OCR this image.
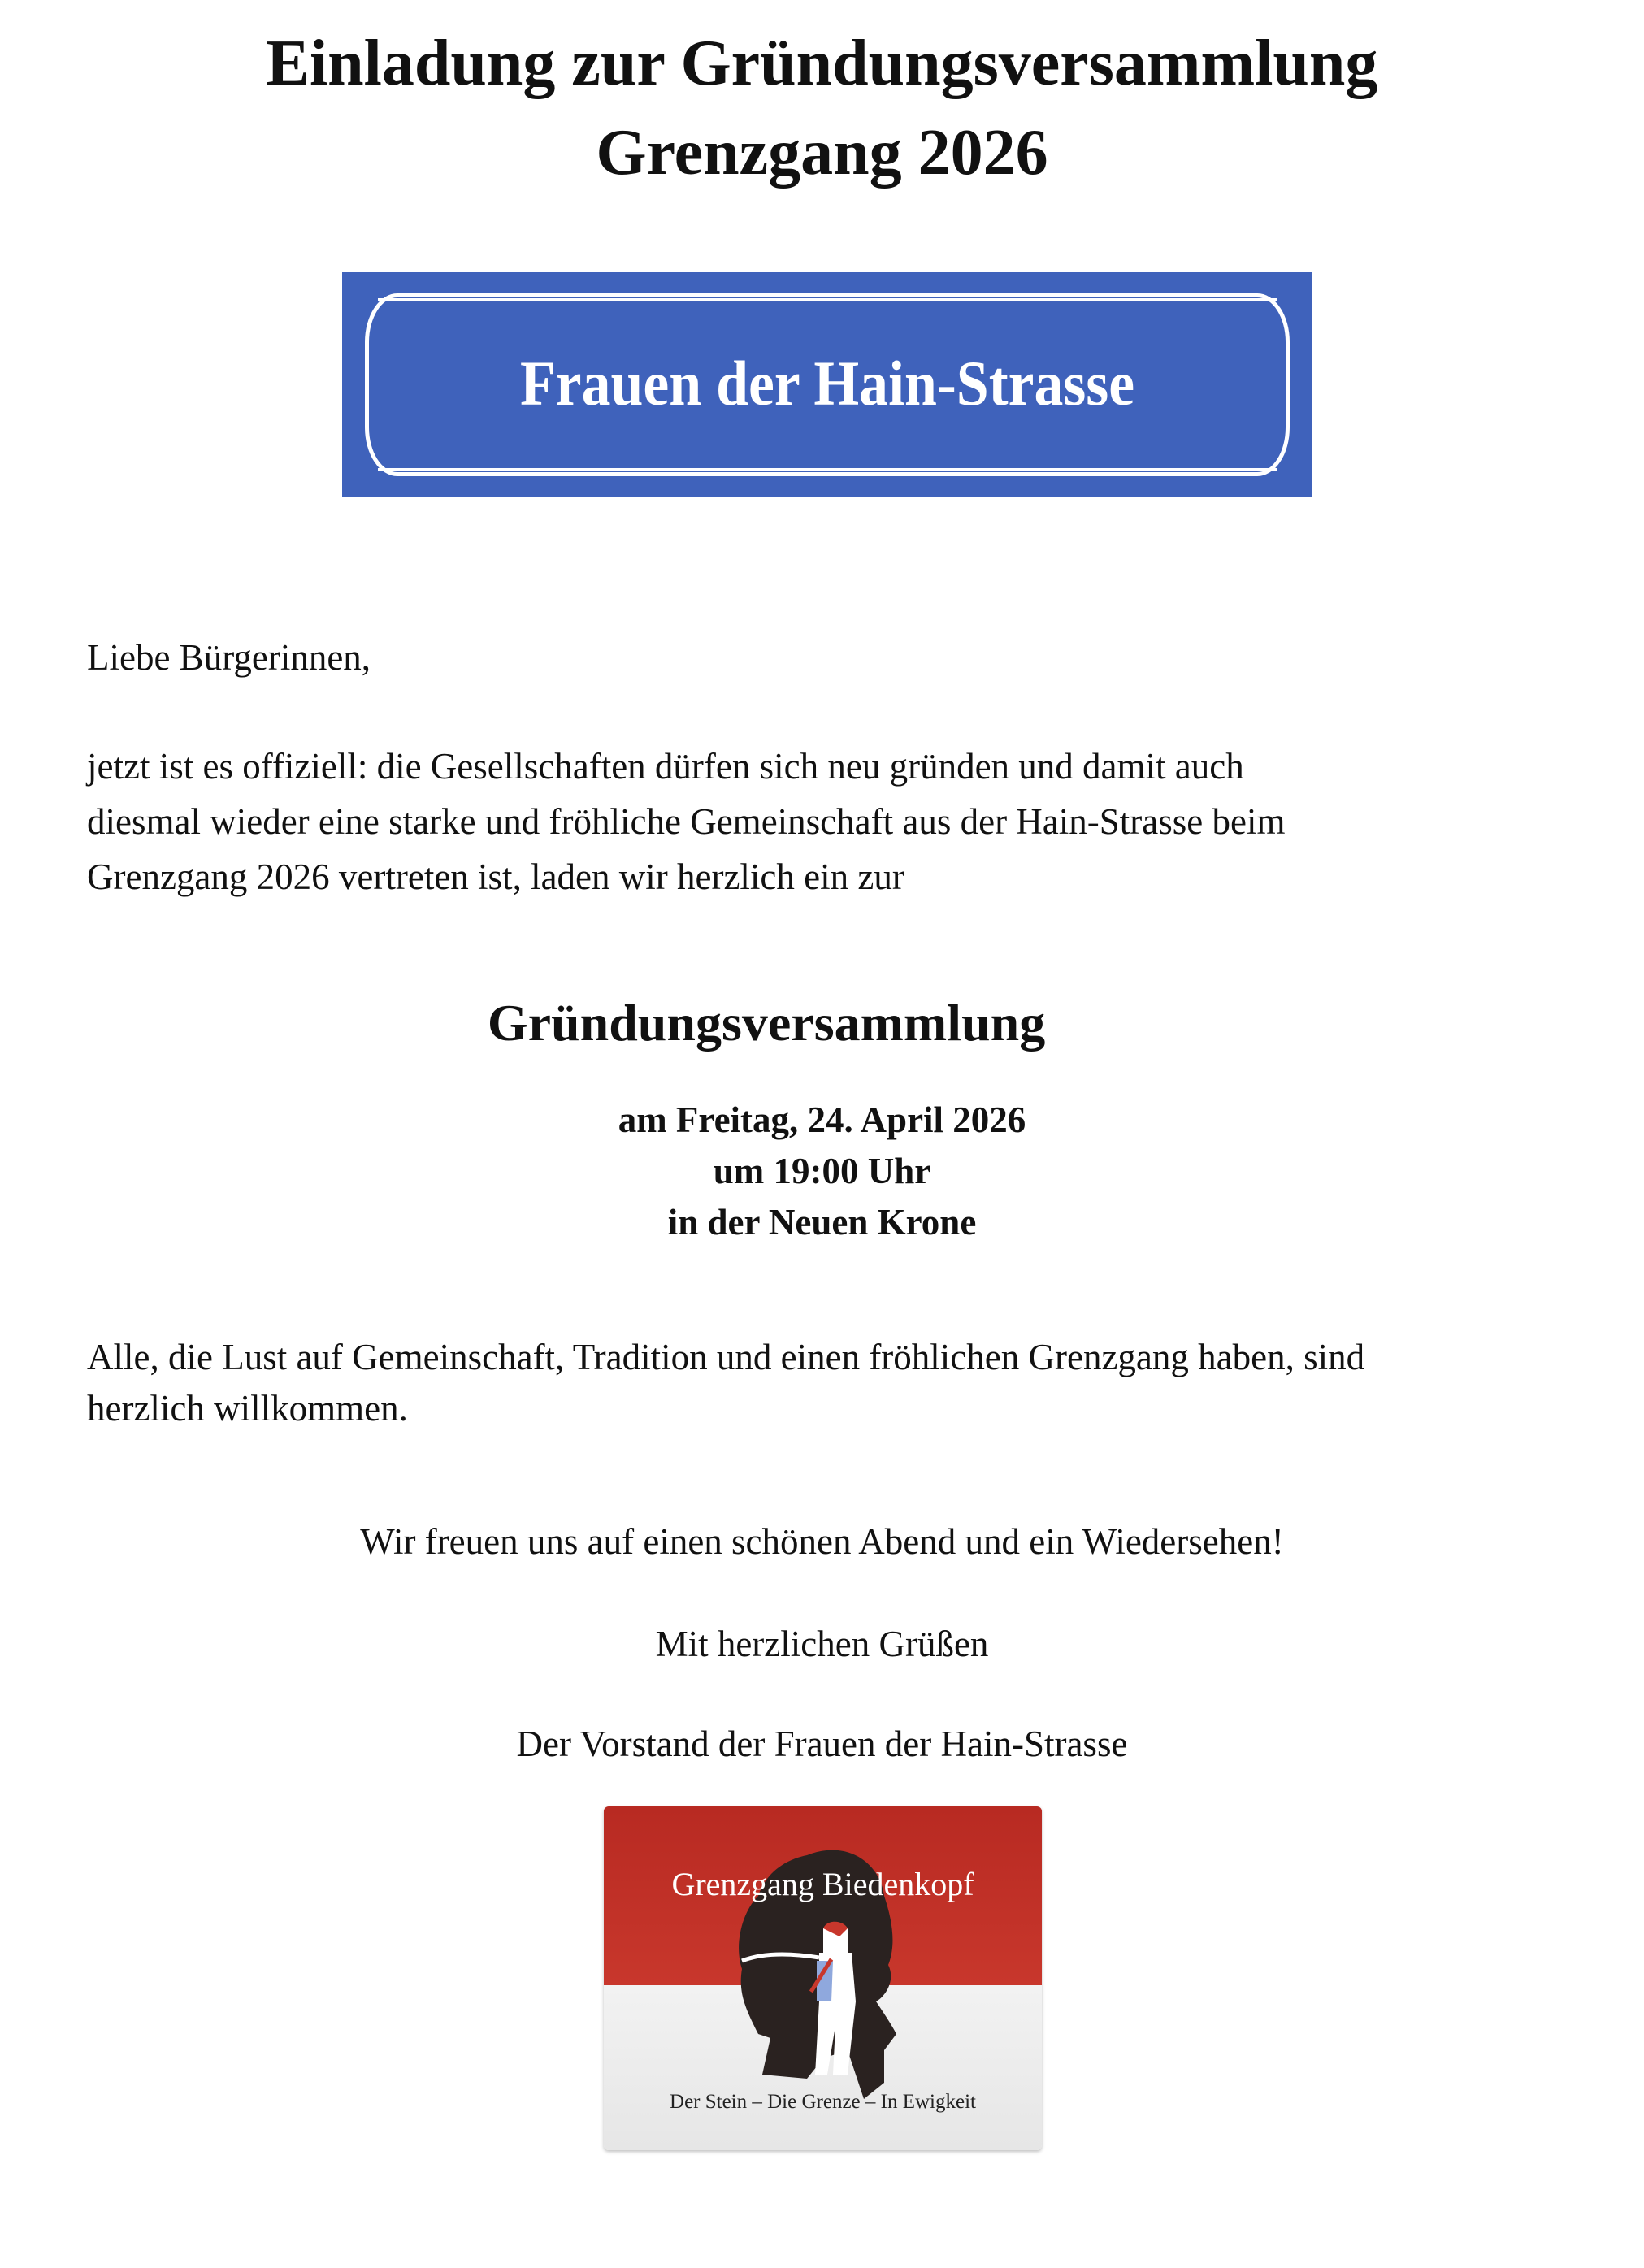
Einladung zur Gründungsversammlung
Grenzgang 2026
Frauen der Hain-Strasse
Liebe Bürgerinnen,
jetzt ist es offiziell: die Gesellschaften dürfen sich neu gründen und damit auch
diesmal wieder eine starke und fröhliche Gemeinschaft aus der Hain-Strasse beim
Grenzgang 2026 vertreten ist, laden wir herzlich ein zur
Gründungsversammlung
am Freitag, 24. April 2026
um 19:00 Uhr
in der Neuen Krone
Alle, die Lust auf Gemeinschaft, Tradition und einen fröhlichen Grenzgang haben, sind
herzlich willkommen.
Wir freuen uns auf einen schönen Abend und ein Wiedersehen!
Mit herzlichen Grüßen
Der Vorstand der Frauen der Hain-Strasse
Grenzgang Biedenkopf
Der Stein – Die Grenze – In Ewigkeit
